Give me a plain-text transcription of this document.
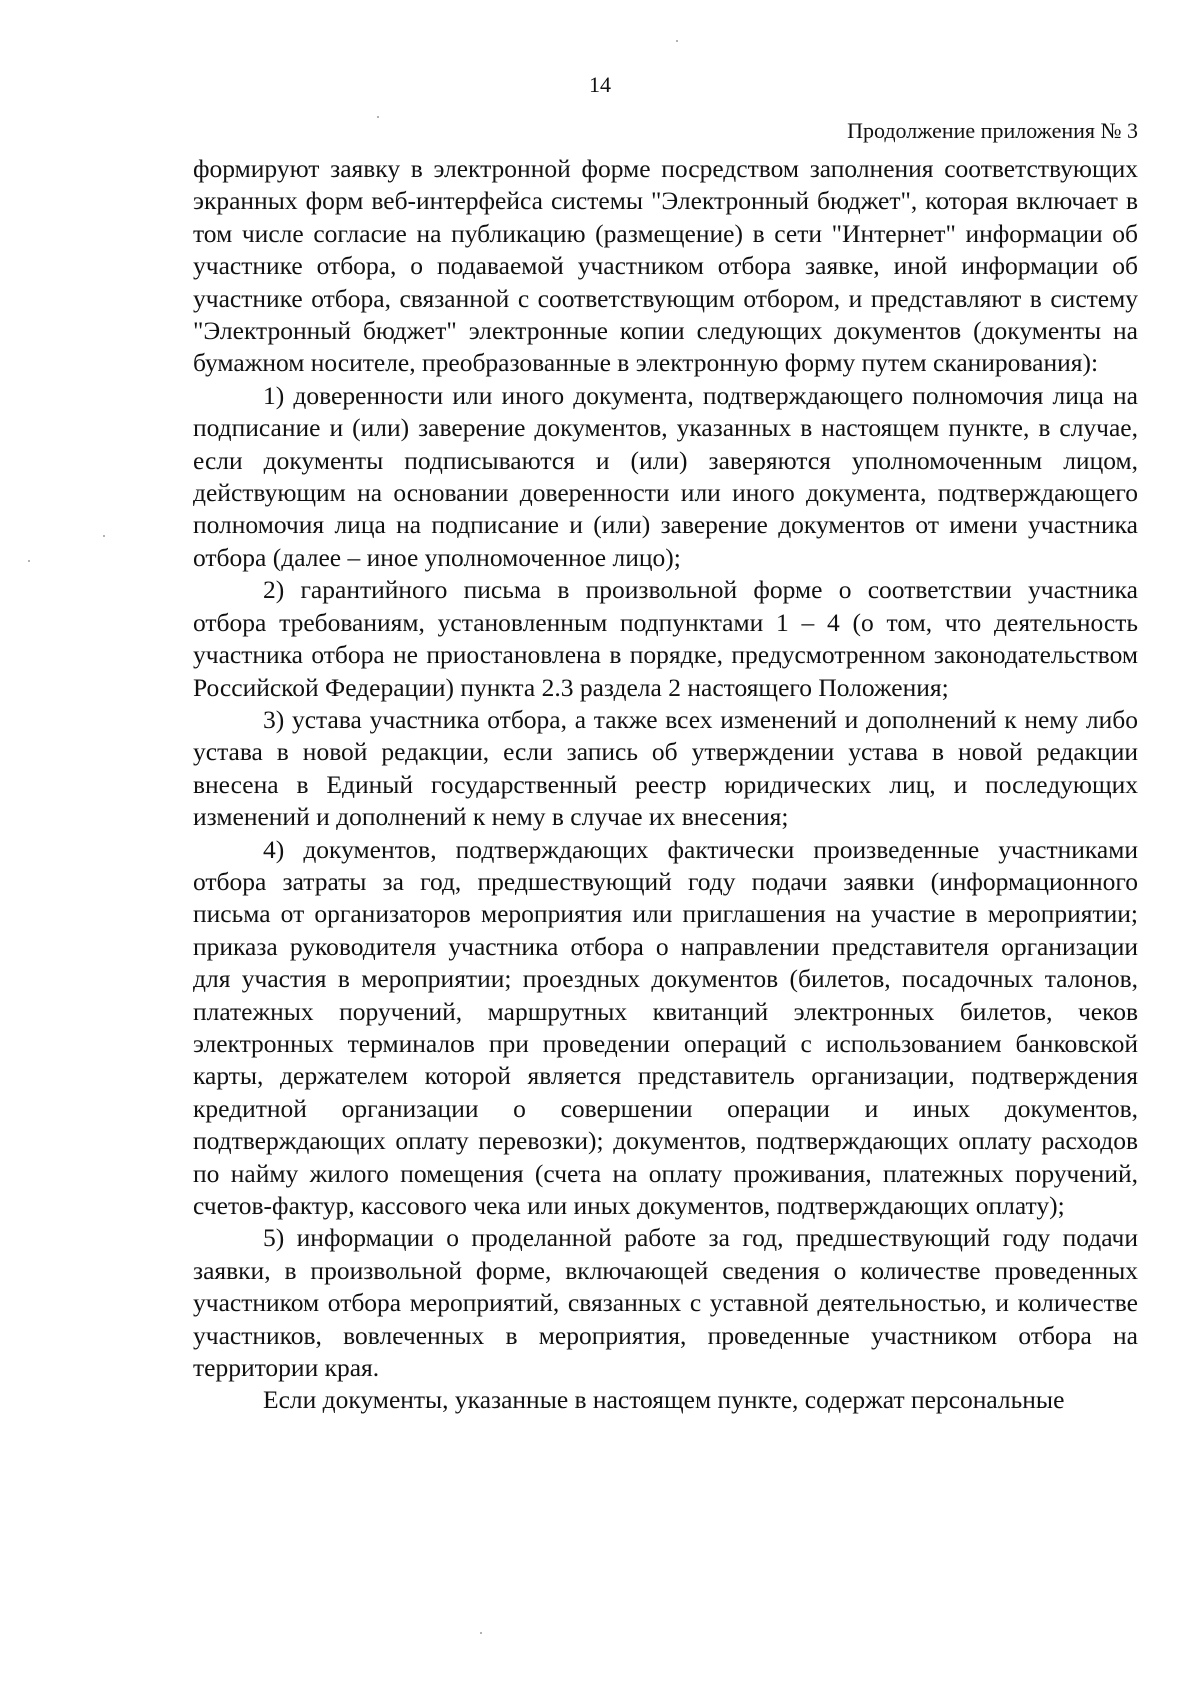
14
Продолжение приложения № 3

формируют заявку в электронной форме посредством заполнения соответствующих экранных форм веб-интерфейса системы "Электронный бюджет", которая включает в том числе согласие на публикацию (размещение) в сети "Интернет" информации об участнике отбора, о подаваемой участником отбора заявке, иной информации об участнике отбора, связанной с соответствующим отбором, и представляют в систему "Электронный бюджет" электронные копии следующих документов (документы на бумажном носителе, преобразованные в электронную форму путем сканирования):

1) доверенности или иного документа, подтверждающего полномочия лица на подписание и (или) заверение документов, указанных в настоящем пункте, в случае, если документы подписываются и (или) заверяются уполномоченным лицом, действующим на основании доверенности или иного документа, подтверждающего полномочия лица на подписание и (или) заверение документов от имени участника отбора (далее – иное уполномоченное лицо);

2) гарантийного письма в произвольной форме о соответствии участника отбора требованиям, установленным подпунктами 1 – 4 (о том, что деятельность участника отбора не приостановлена в порядке, предусмотренном законодательством Российской Федерации) пункта 2.3 раздела 2 настоящего Положения;

3) устава участника отбора, а также всех изменений и дополнений к нему либо устава в новой редакции, если запись об утверждении устава в новой редакции внесена в Единый государственный реестр юридических лиц, и последующих изменений и дополнений к нему в случае их внесения;

4) документов, подтверждающих фактически произведенные участниками отбора затраты за год, предшествующий году подачи заявки (информационного письма от организаторов мероприятия или приглашения на участие в мероприятии; приказа руководителя участника отбора о направлении представителя организации для участия в мероприятии; проездных документов (билетов, посадочных талонов, платежных поручений, маршрутных квитанций электронных билетов, чеков электронных терминалов при проведении операций с использованием банковской карты, держателем которой является представитель организации, подтверждения кредитной организации о совершении операции и иных документов, подтверждающих оплату перевозки); документов, подтверждающих оплату расходов по найму жилого помещения (счета на оплату проживания, платежных поручений, счетов-фактур, кассового чека или иных документов, подтверждающих оплату);

5) информации о проделанной работе за год, предшествующий году подачи заявки, в произвольной форме, включающей сведения о количестве проведенных участником отбора мероприятий, связанных с уставной деятельностью, и количестве участников, вовлеченных в мероприятия, проведенные участником отбора на территории края.

Если документы, указанные в настоящем пункте, содержат персональные
